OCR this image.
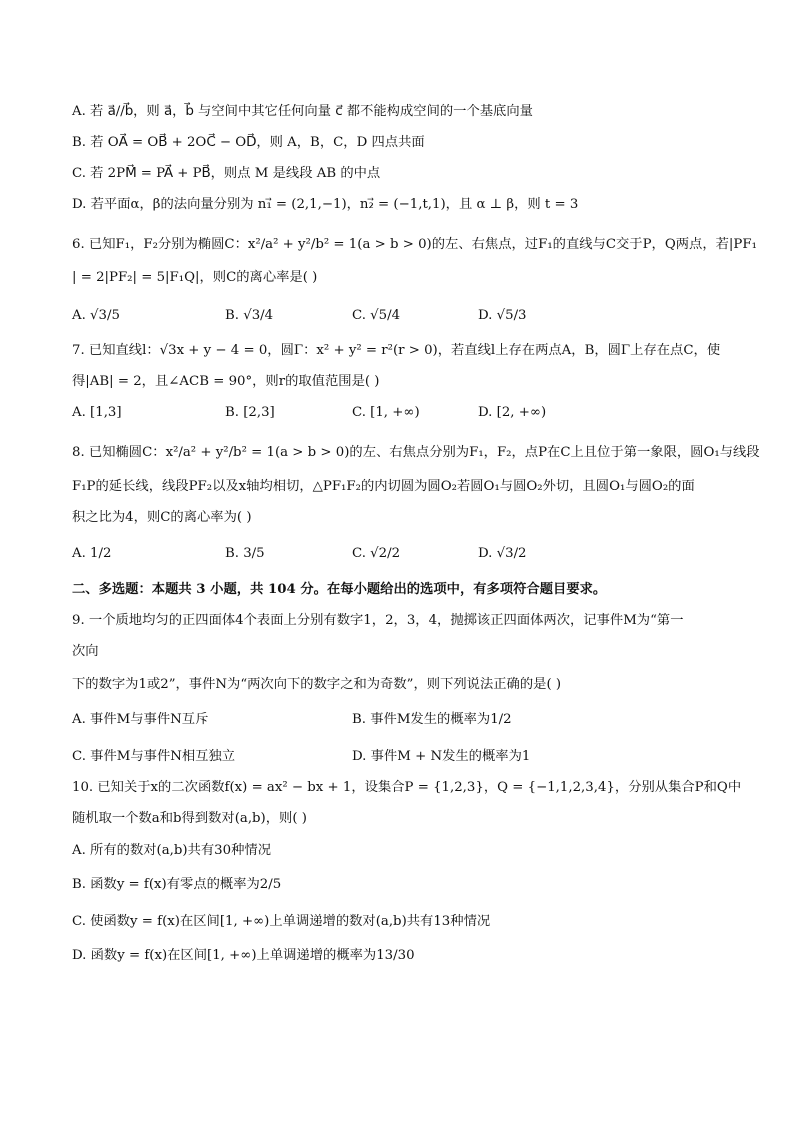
A. 若 a⃗//b⃗，则 a⃗，b⃗ 与空间中其它任何向量 c⃗ 都不能构成空间的一个基底向量
B. 若 OA⃗ = OB⃗ + 2OC⃗ − OD⃗，则 A，B，C，D 四点共面
C. 若 2PM⃗ = PA⃗ + PB⃗，则点 M 是线段 AB 的中点
D. 若平面α，β的法向量分别为 n₁⃗ = (2,1,−1)，n₂⃗ = (−1,t,1)，且 α ⊥ β，则 t = 3
6. 已知F₁，F₂分别为椭圆C：x²/a² + y²/b² = 1(a > b > 0)的左、右焦点，过F₁的直线与C交于P，Q两点，若|PF₁
| = 2|PF₂| = 5|F₁Q|，则C的离心率是( )
A. √3/5	B. √3/4	C. √5/4	D. √5/3
7. 已知直线l：√3x + y − 4 = 0，圆Γ：x² + y² = r²(r > 0)，若直线l上存在两点A，B，圆Γ上存在点C，使
得|AB| = 2，且∠ACB = 90°，则r的取值范围是( )
A. [1,3]	B. [2,3]	C. [1, +∞)	D. [2, +∞)
8. 已知椭圆C：x²/a² + y²/b² = 1(a > b > 0)的左、右焦点分别为F₁，F₂，点P在C上且位于第一象限，圆O₁与线段
F₁P的延长线，线段PF₂以及x轴均相切，△PF₁F₂的内切圆为圆O₂若圆O₁与圆O₂外切，且圆O₁与圆O₂的面
积之比为4，则C的离心率为( )
A. 1/2	B. 3/5	C. √2/2	D. √3/2
二、多选题：本题共 3 小题，共 104 分。在每小题给出的选项中，有多项符合题目要求。
9. 一个质地均匀的正四面体4个表面上分别有数字1，2，3，4，抛掷该正四面体两次，记事件M为“第一
次向
下的数字为1或2”，事件N为“两次向下的数字之和为奇数”，则下列说法正确的是( )
A. 事件M与事件N互斥	B. 事件M发生的概率为1/2
C. 事件M与事件N相互独立	D. 事件M + N发生的概率为1
10. 已知关于x的二次函数f(x) = ax² − bx + 1，设集合P = {1,2,3}，Q = {−1,1,2,3,4}，分别从集合P和Q中
随机取一个数a和b得到数对(a,b)，则( )
A. 所有的数对(a,b)共有30种情况
B. 函数y = f(x)有零点的概率为2/5
C. 使函数y = f(x)在区间[1, +∞)上单调递增的数对(a,b)共有13种情况
D. 函数y = f(x)在区间[1, +∞)上单调递增的概率为13/30
